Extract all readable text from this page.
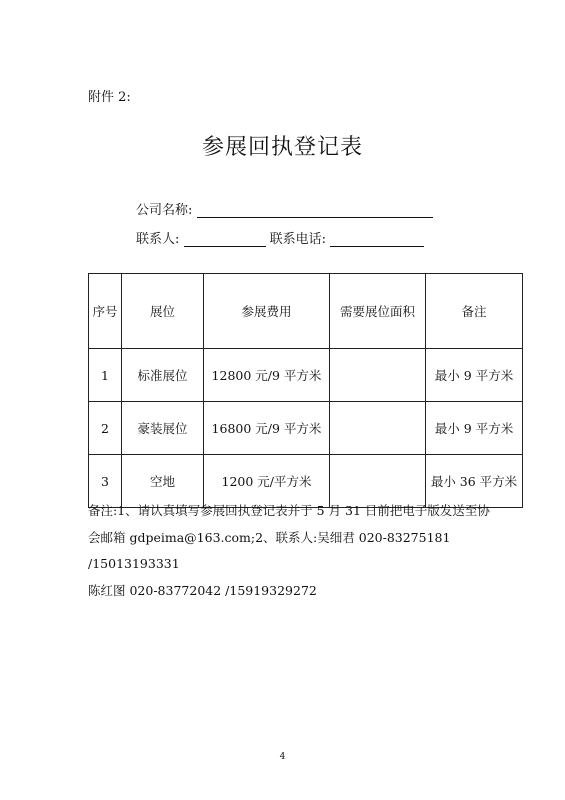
附件 2:
参展回执登记表
公司名称:
联系人:	联系电话:
序号	展位	参展费用	需要展位面积	备注
1	标准展位	12800 元/9 平方米		最小 9 平方米
2	豪装展位	16800 元/9 平方米		最小 9 平方米
3	空地	1200 元/平方米		最小 36 平方米
备注:1、请认真填写参展回执登记表并于 5 月 31 日前把电子版发送至协
会邮箱 gdpeima@163.com;2、联系人:吴细君 020-83275181 /15013193331
陈红图 020-83772042 /15919329272
4
